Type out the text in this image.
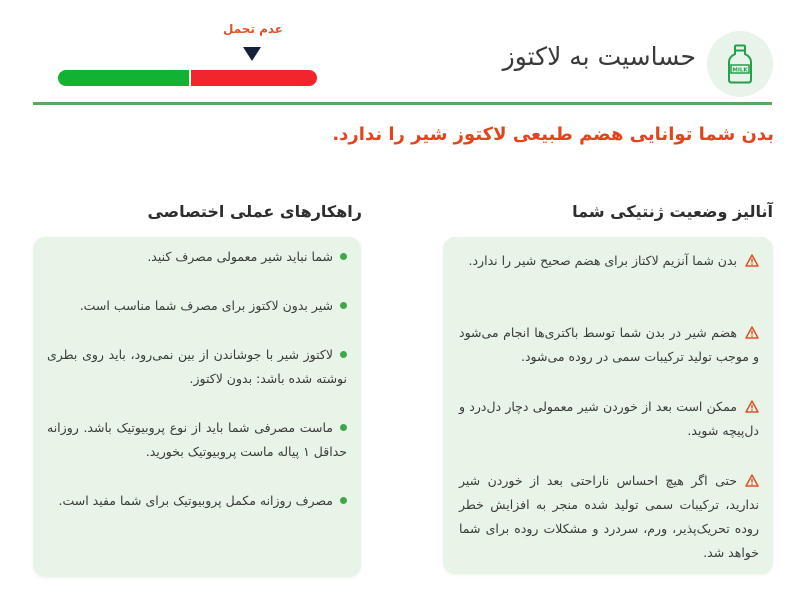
MILK
حساسیت به لاکتوز
عدم تحمل
بدن شما توانایی هضم طبیعی لاکتوز شیر را ندارد.
آنالیز وضعیت ژنتیکی شما
راهکارهای عملی اختصاصی
بدن شما آنزیم لاکتاز برای هضم صحیح شیر را ندارد.
هضم شیر در بدن شما توسط باکتری‌ها انجام می‌شود و موجب تولید ترکیبات سمی در روده می‌شود.
ممکن است بعد از خوردن شیر معمولی دچار دل‌درد و دل‌پیچه شوید.
حتی اگر هیچ احساس ناراحتی بعد از خوردن شیر ندارید، ترکیبات سمی تولید شده منجر به افزایش خطر روده تحریک‌پذیر، ورم، سردرد و مشکلات روده برای شما خواهد شد.
شما نباید شیر معمولی مصرف کنید.
شیر بدون لاکتوز برای مصرف شما مناسب است.
لاکتوز شیر با جوشاندن از بین نمی‌رود، باید روی بطری نوشته شده باشد: بدون لاکتوز.
ماست مصرفی شما باید از نوع پروبیوتیک باشد. روزانه حداقل ۱ پیاله ماست پروبیوتیک بخورید.
مصرف روزانه مکمل پروبیوتیک برای شما مفید است.
